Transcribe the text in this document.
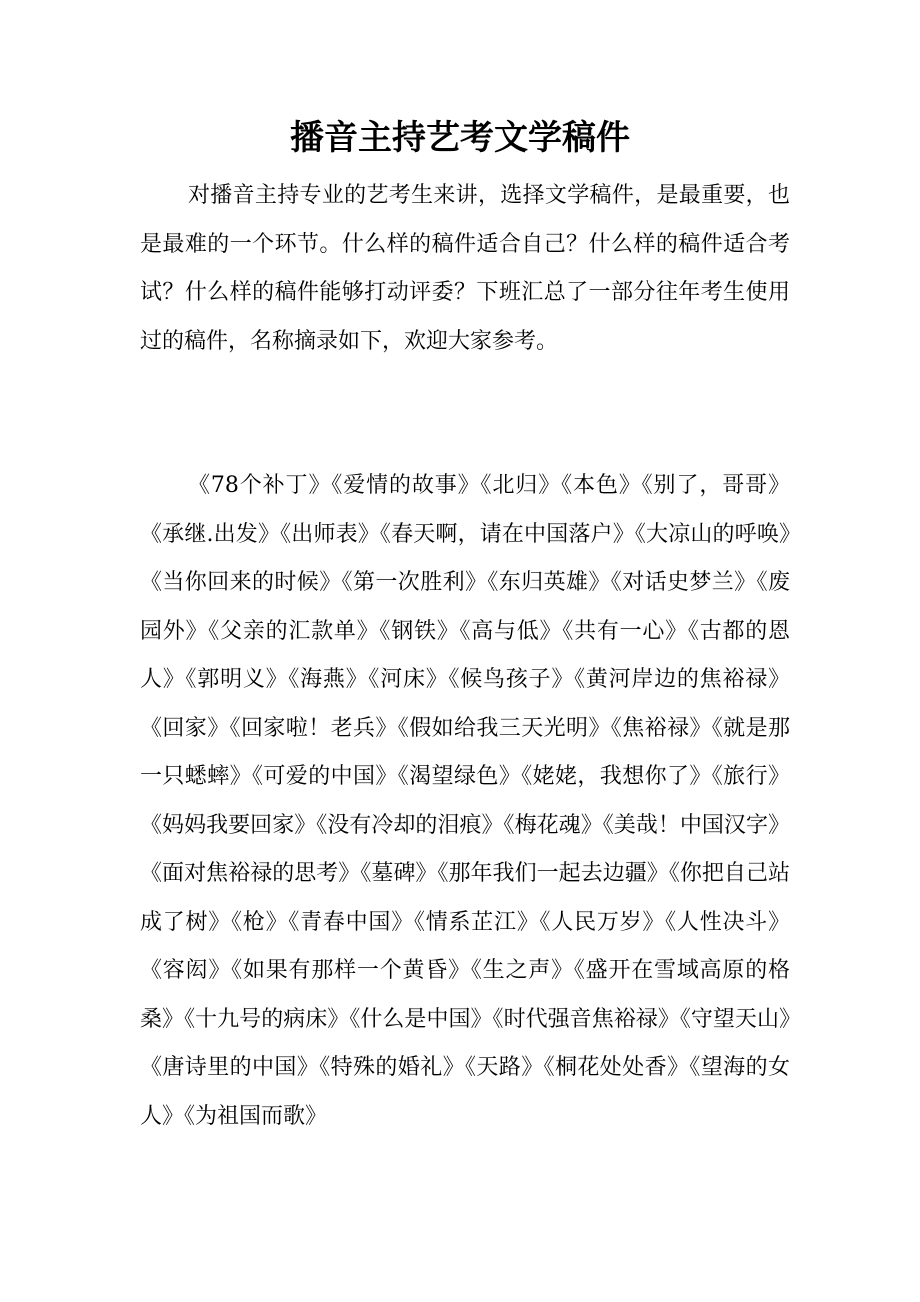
播音主持艺考文学稿件

对播音主持专业的艺考生来讲，选择文学稿件，是最重要，也是最难的一个环节。什么样的稿件适合自己？什么样的稿件适合考试？什么样的稿件能够打动评委？下班汇总了一部分往年考生使用过的稿件，名称摘录如下，欢迎大家参考。

《78个补丁》《爱情的故事》《北归》《本色》《别了，哥哥》《承继.出发》《出师表》《春天啊，请在中国落户》《大凉山的呼唤》《当你回来的时候》《第一次胜利》《东归英雄》《对话史梦兰》《废园外》《父亲的汇款单》《钢铁》《高与低》《共有一心》《古都的恩人》《郭明义》《海燕》《河床》《候鸟孩子》《黄河岸边的焦裕禄》《回家》《回家啦！老兵》《假如给我三天光明》《焦裕禄》《就是那一只蟋蟀》《可爱的中国》《渴望绿色》《姥姥，我想你了》《旅行》《妈妈我要回家》《没有冷却的泪痕》《梅花魂》《美哉！中国汉字》《面对焦裕禄的思考》《墓碑》《那年我们一起去边疆》《你把自己站成了树》《枪》《青春中国》《情系芷江》《人民万岁》《人性决斗》《容闳》《如果有那样一个黄昏》《生之声》《盛开在雪域高原的格桑》《十九号的病床》《什么是中国》《时代强音焦裕禄》《守望天山》《唐诗里的中国》《特殊的婚礼》《天路》《桐花处处香》《望海的女人》《为祖国而歌》
